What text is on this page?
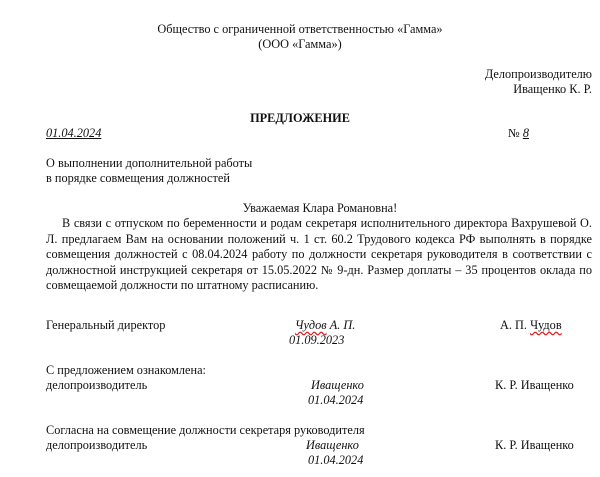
Общество с ограниченной ответственностью «Гамма»
(ООО «Гамма»)
Делопроизводителю
Иващенко К. Р.
ПРЕДЛОЖЕНИЕ
01.04.2024	№ 8
О выполнении дополнительной работы
в порядке совмещения должностей
Уважаемая Клара Романовна!
В связи с отпуском по беременности и родам секретаря исполнительного директора Вахрушевой О. Л. предлагаем Вам на основании положений ч. 1 ст. 60.2 Трудового кодекса РФ выполнять в порядке совмещения должностей с 08.04.2024 работу по должности секретаря руководителя в соответствии с должностной инструкцией секретаря от 15.05.2022 № 9-дн. Размер доплаты – 35 процентов оклада по совмещаемой должности по штатному расписанию.
Генеральный директор	Чудов А. П.
01.09.2023
А. П. Чудов
С предложением ознакомлена:
делопроизводитель	Иващенко
01.04.2024
К. Р. Иващенко
Согласна на совмещение должности секретаря руководителя
делопроизводитель	Иващенко
01.04.2024
К. Р. Иващенко
